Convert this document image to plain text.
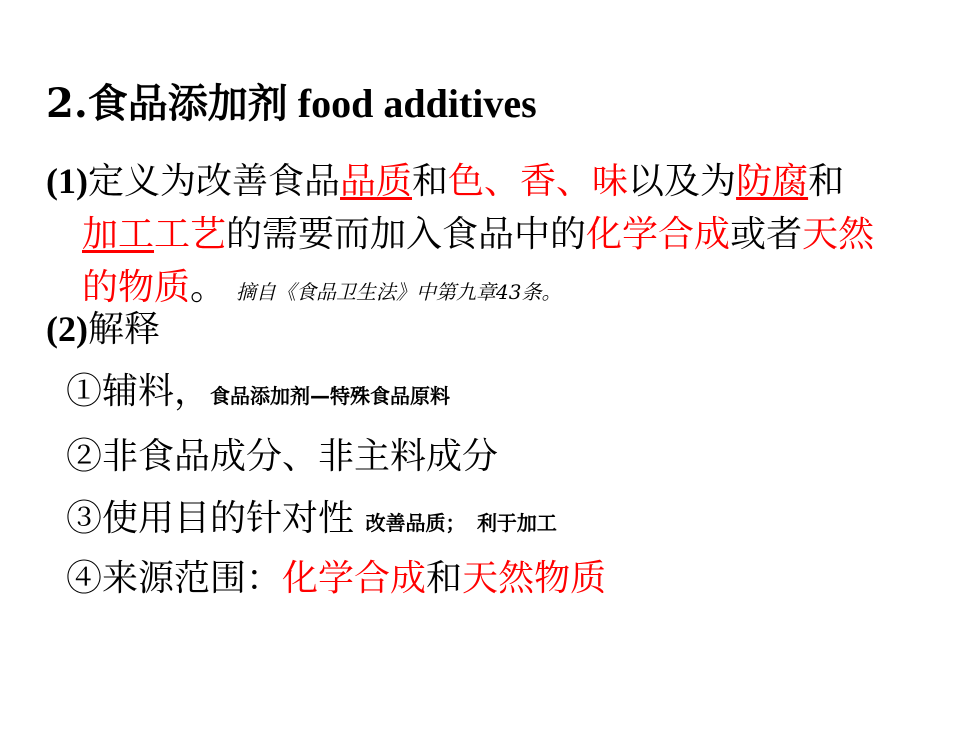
2.食品添加剂 food additives
(1)定义为改善食品品质和色、香、味以及为防腐和
加工工艺的需要而加入食品中的化学合成或者天然
的物质。 摘自《食品卫生法》中第九章43条。
(2)解释
①辅料，食品添加剂—特殊食品原料
②非食品成分、非主料成分
③使用目的针对性 改善品质； 利于加工
④来源范围：化学合成和天然物质
